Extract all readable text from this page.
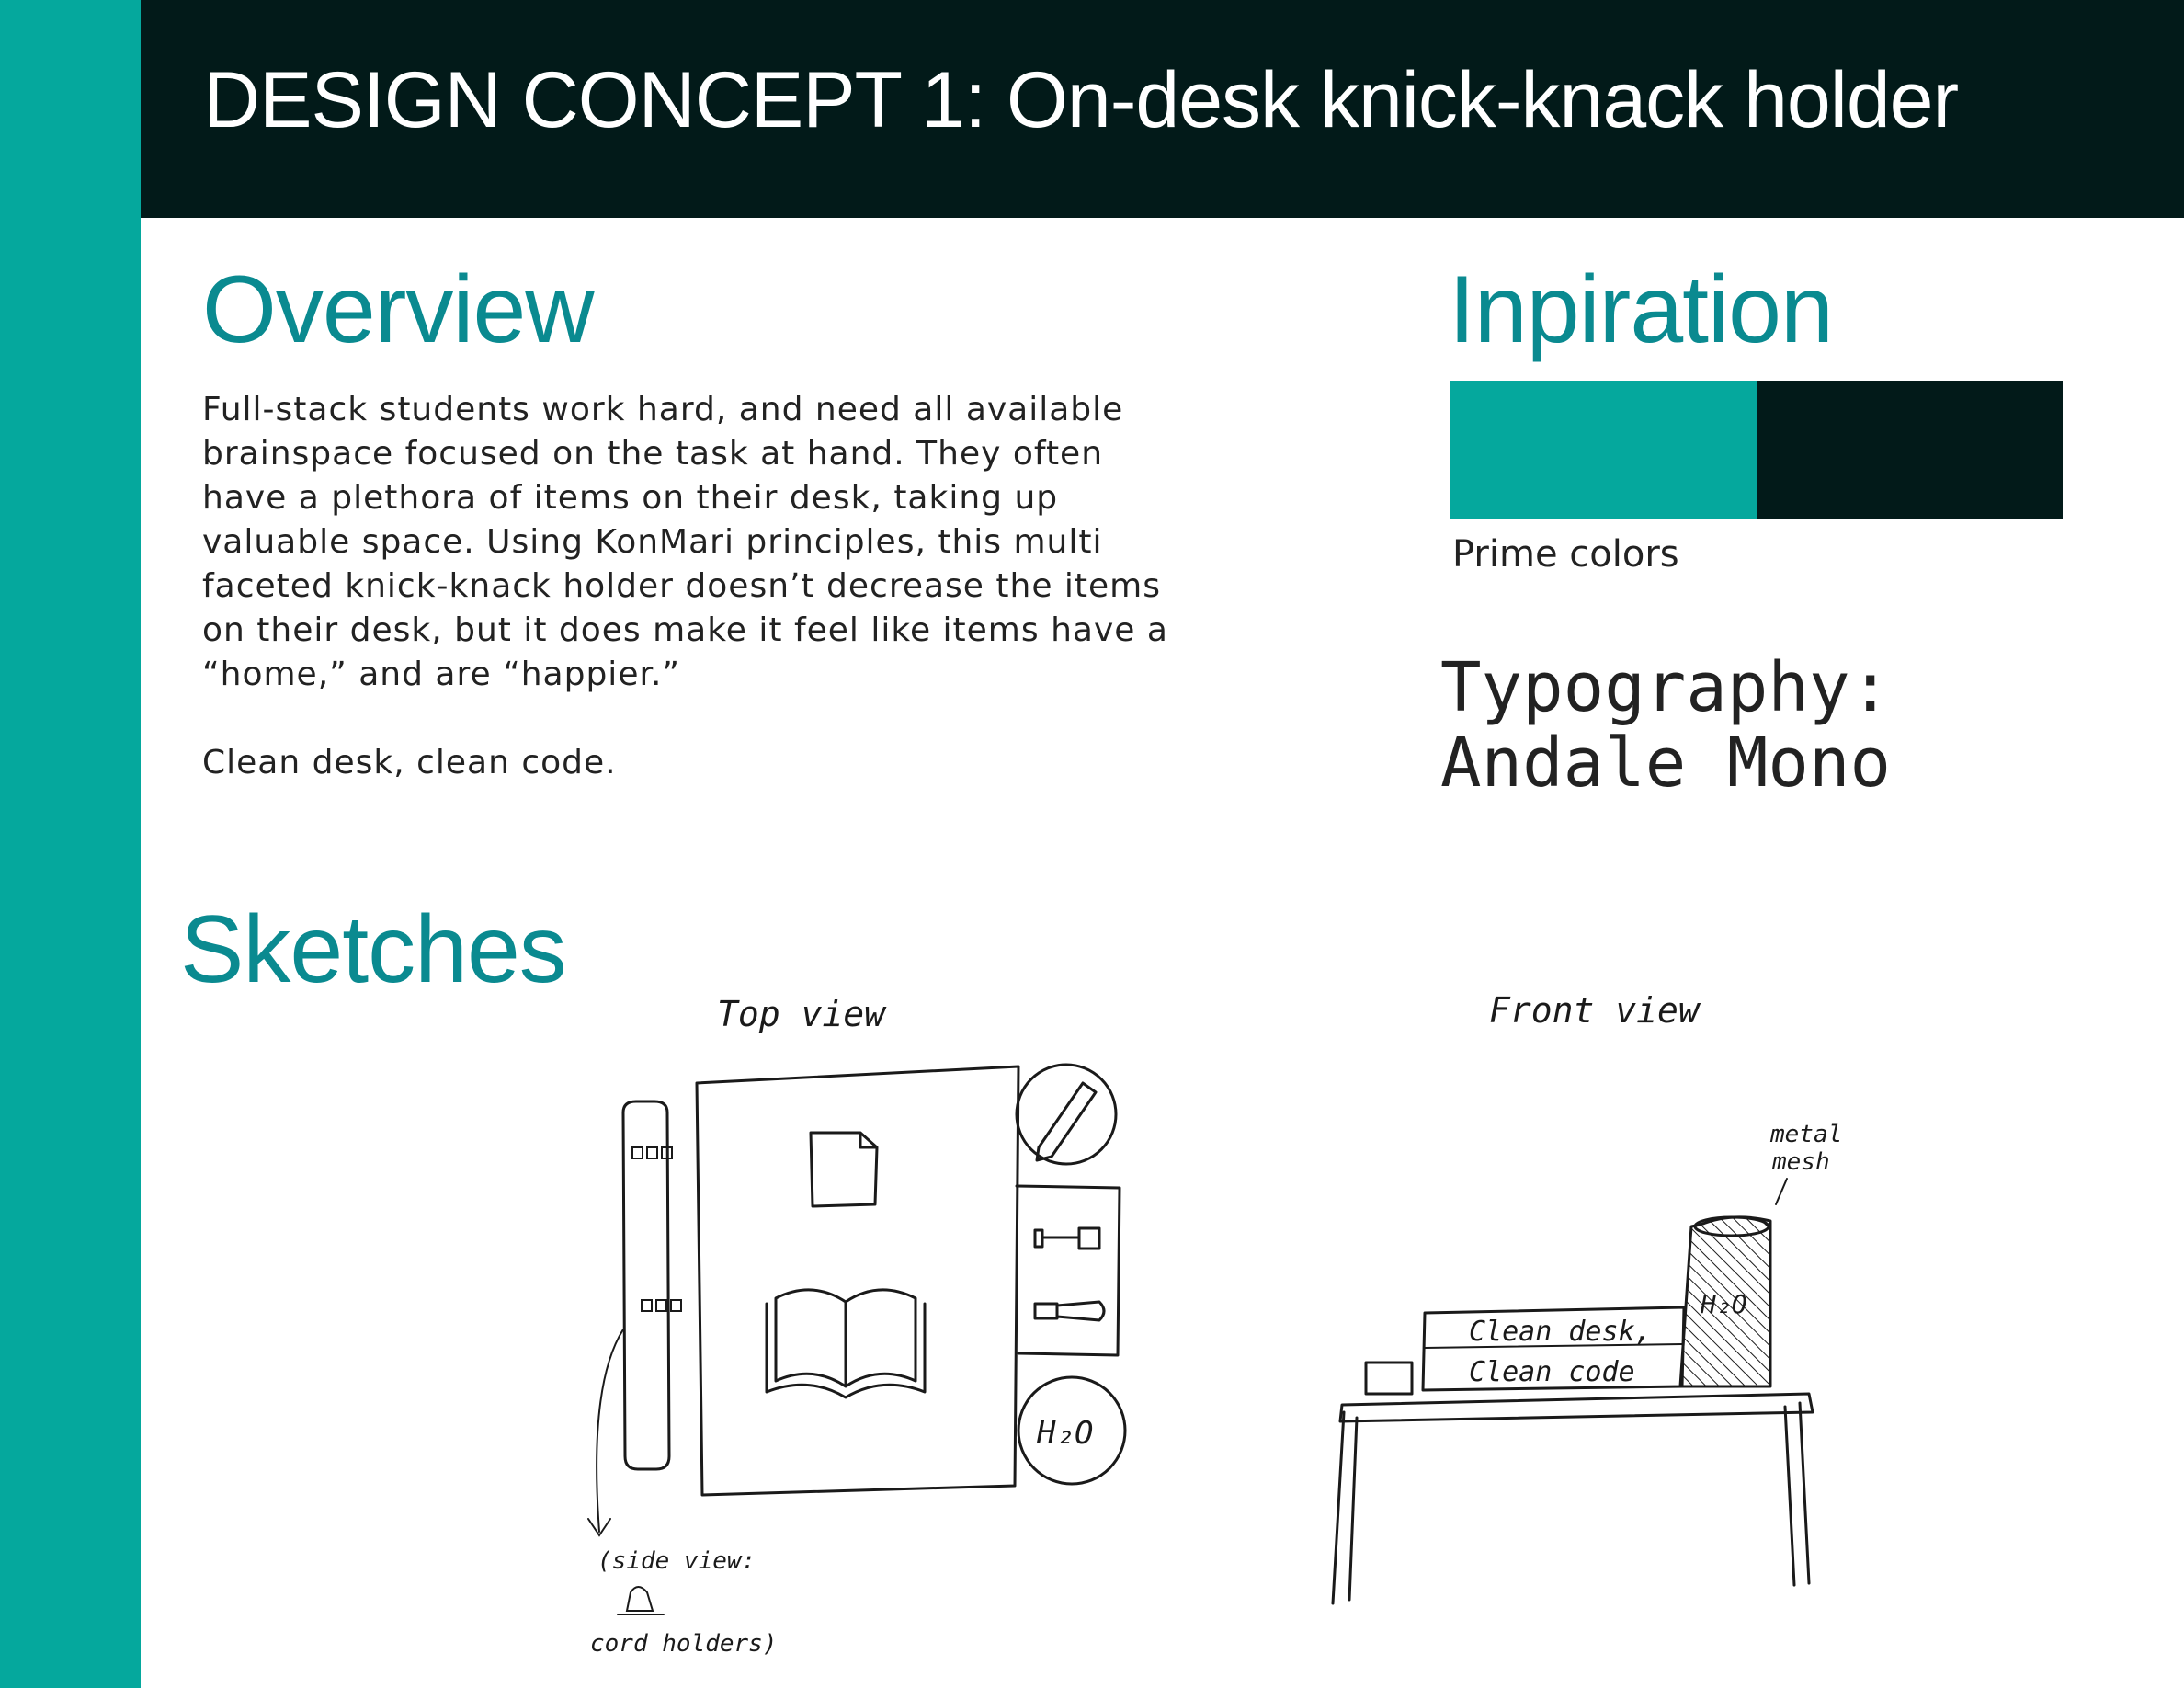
DESIGN CONCEPT 1: On-desk knick-knack holder
Overview

Full-stack students work hard, and need all available brainspace focused on the task at hand. They often have a plethora of items on their desk, taking up valuable space. Using KonMari principles, this multi faceted knick-knack holder doesn’t decrease the items on their desk, but it does make it feel like items have a “home,” and are “happier.”

Clean desk, clean code.

Inpiration
Prime colors
Typography:
Andale Mono
Sketches
Top view
H₂O
(side view:
cord holders)
Front view
metal
mesh
H₂O
Clean desk,
Clean code
